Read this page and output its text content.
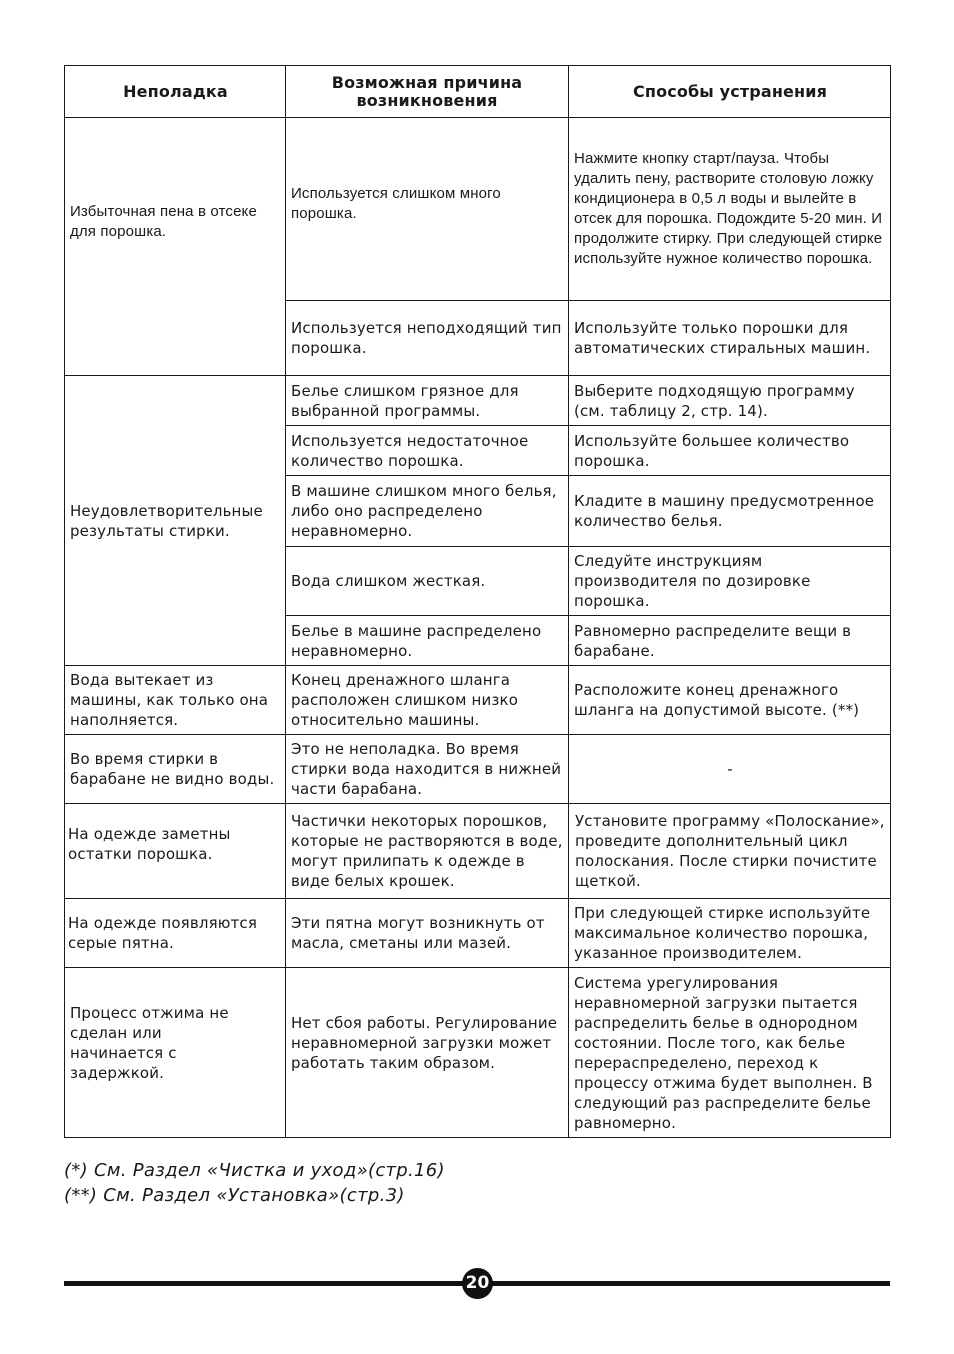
Неполадка	Возможная причина возникновения	Способы устранения
Избыточная пена в отсеке для порошка.	Используется слишком много порошка.	Нажмите кнопку старт/пауза. Чтобы удалить пену, растворите столовую ложку кондиционера в 0,5 л воды и вылейте в отсек для порошка. Подождите 5-20 мин. И продолжите стирку. При следующей стирке используйте нужное количество порошка.
	Используется неподходящий тип порошка.	Используйте только порошки для автоматических стиральных машин.
Неудовлетворительные результаты стирки.	Белье слишком грязное для выбранной программы.	Выберите подходящую программу (см. таблицу 2, стр. 14).
	Используется недостаточное количество порошка.	Используйте большее количество порошка.
	В машине слишком много белья, либо оно распределено неравномерно.	Кладите в машину предусмотренное количество белья.
	Вода слишком жесткая.	Следуйте инструкциям производителя по дозировке порошка.
	Белье в машине распределено неравномерно.	Равномерно распределите вещи в барабане.
Вода вытекает из машины, как только она наполняется.	Конец дренажного шланга расположен слишком низко относительно машины.	Расположите конец дренажного шланга на допустимой высоте. (**)
Во время стирки в барабане не видно воды.	Это не неполадка. Во время стирки вода находится в нижней части барабана.	-
На одежде заметны остатки порошка.	Частички некоторых порошков, которые не растворяются в воде, могут прилипать к одежде в виде белых крошек.	Установите программу «Полоскание», проведите дополнительный цикл полоскания. После стирки почистите щеткой.
На одежде появляются серые пятна.	Эти пятна могут возникнуть от масла, сметаны или мазей.	При следующей стирке используйте максимальное количество порошка, указанное производителем.
Процесс отжима не сделан или начинается с задержкой.	Нет сбоя работы. Регулирование неравномерной загрузки может работать таким образом.	Система урегулирования неравномерной загрузки пытается распределить белье в однородном состоянии. После того, как белье перераспределено, переход к процессу отжима будет выполнен. В следующий раз распределите белье равномерно.
(*) См. Раздел «Чистка и уход»(стр.16)
(**) См. Раздел «Установка»(стр.3)
20
